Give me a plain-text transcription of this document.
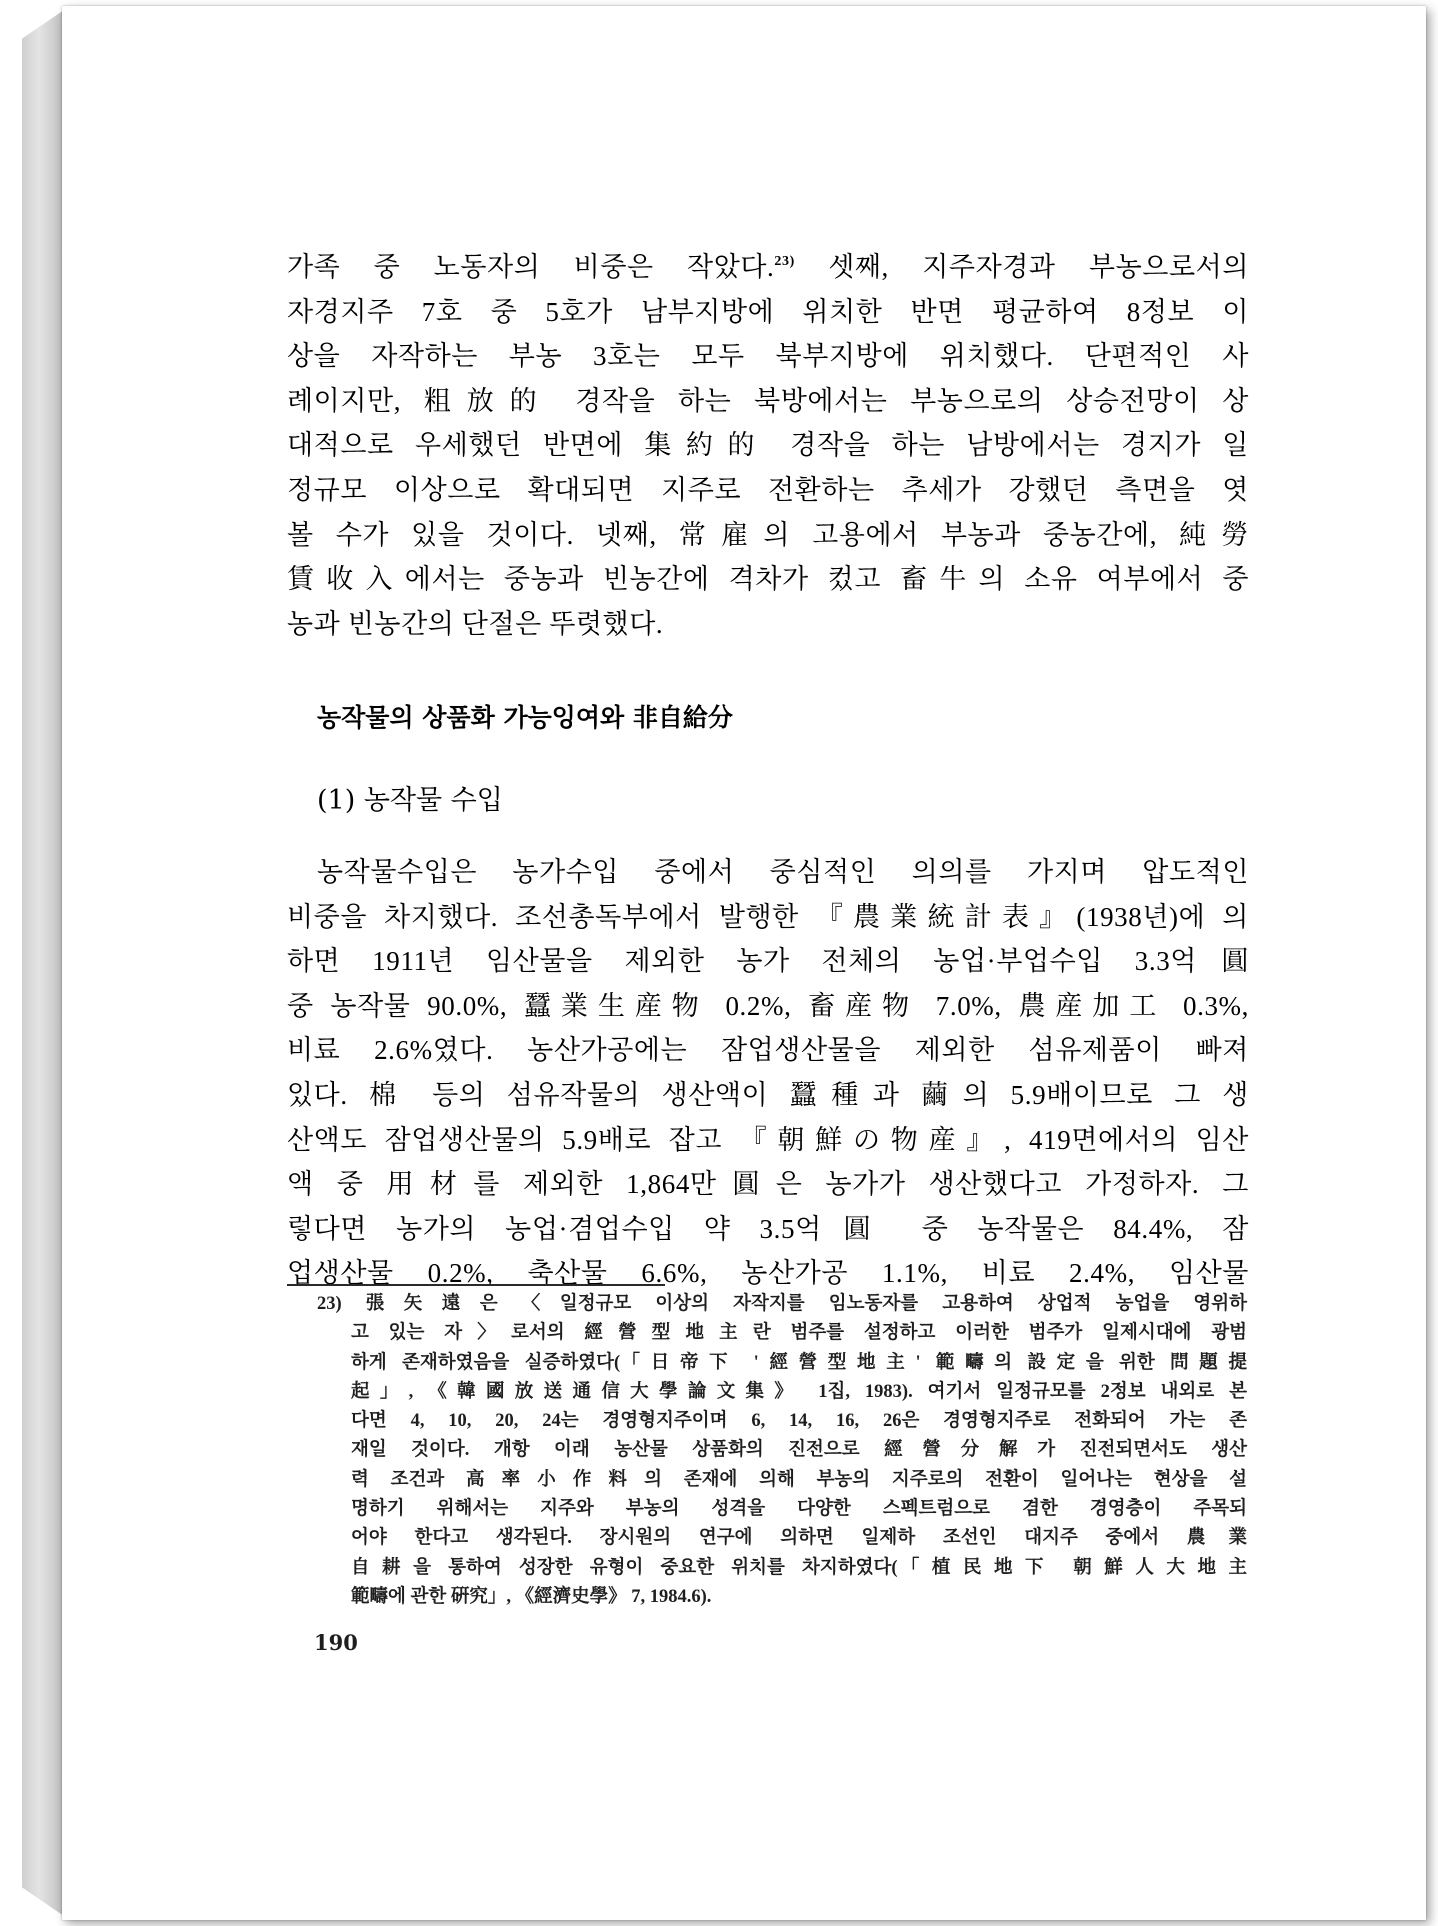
가족 중 노동자의 비중은 작았다.$^{23)}$ 셋째, 지주자경과 부농으로서의
자경지주 7호 중 5호가 남부지방에 위치한 반면 평균하여 8정보 이
상을 자작하는 부농 3호는 모두 북부지방에 위치했다. 단편적인 사
례이지만, 粗放的 경작을 하는 북방에서는 부농으로의 상승전망이 상
대적으로 우세했던 반면에 集約的 경작을 하는 남방에서는 경지가 일
정규모 이상으로 확대되면 지주로 전환하는 추세가 강했던 측면을 엿
볼 수가 있을 것이다. 넷째, 常雇의 고용에서 부농과 중농간에, 純勞
賃收入에서는 중농과 빈농간에 격차가 컸고 畜牛의 소유 여부에서 중
농과 빈농간의 단절은 뚜렷했다.
농작물의 상품화 가능잉여와 非自給分
(1) 농작물 수입
농작물수입은 농가수입 중에서 중심적인 의의를 가지며 압도적인
비중을 차지했다. 조선총독부에서 발행한 『農業統計表』(1938년)에 의
하면 1911년 임산물을 제외한 농가 전체의 농업·부업수입 3.3억圓
중 농작물 90.0%, 蠶業生産物 0.2%, 畜産物 7.0%, 農産加工 0.3%,
비료 2.6%였다. 농산가공에는 잠업생산물을 제외한 섬유제품이 빠져
있다. 棉 등의 섬유작물의 생산액이 蠶種과 繭의 5.9배이므로 그 생
산액도 잠업생산물의 5.9배로 잡고 『朝鮮の物産』, 419면에서의 임산
액 중 用材를 제외한 1,864만圓은 농가가 생산했다고 가정하자. 그
렇다면 농가의 농업·겸업수입 약 3.5억圓 중 농작물은 84.4%, 잠
업생산물 0.2%, 축산물 6.6%, 농산가공 1.1%, 비료 2.4%, 임산물
23) 張矢遠은 〈일정규모 이상의 자작지를 임노동자를 고용하여 상업적 농업을 영위하
고 있는 자〉로서의 經營型地主란 범주를 설정하고 이러한 범주가 일제시대에 광범
하게 존재하였음을 실증하였다(「日帝下 '經營型地主' 範疇의 設定을 위한 問題提
起」, 《韓國放送通信大學論文集》 1집, 1983). 여기서 일정규모를 2정보 내외로 본
다면 4, 10, 20, 24는 경영형지주이며 6, 14, 16, 26은 경영형지주로 전화되어 가는 존
재일 것이다. 개항 이래 농산물 상품화의 진전으로 經營分解가 진전되면서도 생산
력 조건과 高率小作料의 존재에 의해 부농의 지주로의 전환이 일어나는 현상을 설
명하기 위해서는 지주와 부농의 성격을 다양한 스펙트럼으로 겸한 경영층이 주목되
어야 한다고 생각된다. 장시원의 연구에 의하면 일제하 조선인 대지주 중에서 農業
自耕을 통하여 성장한 유형이 중요한 위치를 차지하였다(「植民地下 朝鮮人大地主
範疇에 관한 硏究」, 《經濟史學》 7, 1984.6).
190
